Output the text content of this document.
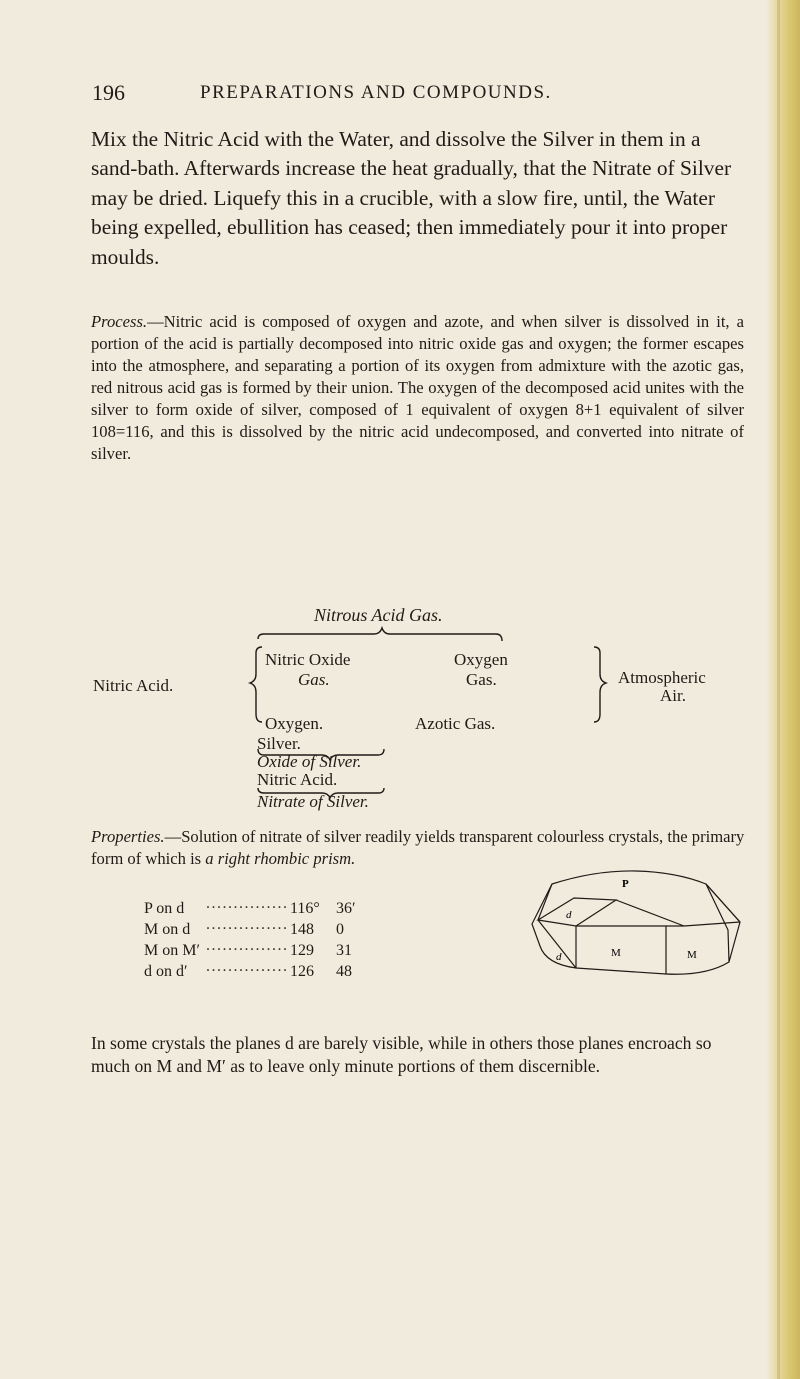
196	PREPARATIONS AND COMPOUNDS.

Mix the Nitric Acid with the Water, and dissolve the Silver in them in a sand-bath. Afterwards increase the heat gradually, that the Nitrate of Silver may be dried. Liquefy this in a crucible, with a slow fire, until, the Water being expelled, ebullition has ceased; then immediately pour it into proper moulds.

Process.—Nitric acid is composed of oxygen and azote, and when silver is dissolved in it, a portion of the acid is partially decomposed into nitric oxide gas and oxygen; the former escapes into the atmosphere, and separating a portion of its oxygen from admixture with the azotic gas, red nitrous acid gas is formed by their union. The oxygen of the decomposed acid unites with the silver to form oxide of silver, composed of 1 equivalent of oxygen 8+1 equivalent of silver 108=116, and this is dissolved by the nitric acid undecomposed, and converted into nitrate of silver.

Nitrous Acid Gas.
Nitric Acid.
Nitric Oxide
Gas.
Oxygen
Gas.
Oxygen.	Azotic Gas.
Silver.
Atmospheric
Air.
Oxide of Silver.
Nitric Acid.
Nitrate of Silver.

Properties.—Solution of nitrate of silver readily yields transparent colourless crystals, the primary form of which is a right rhombic prism.

P on d ...............116° 36′
M on d ...............148 0
M on M′ ...............129 31
d on d′ ...............126 48
P
d
d	M	M

In some crystals the planes d are barely visible, while in others those planes encroach so much on M and M′ as to leave only minute portions of them discernible.
